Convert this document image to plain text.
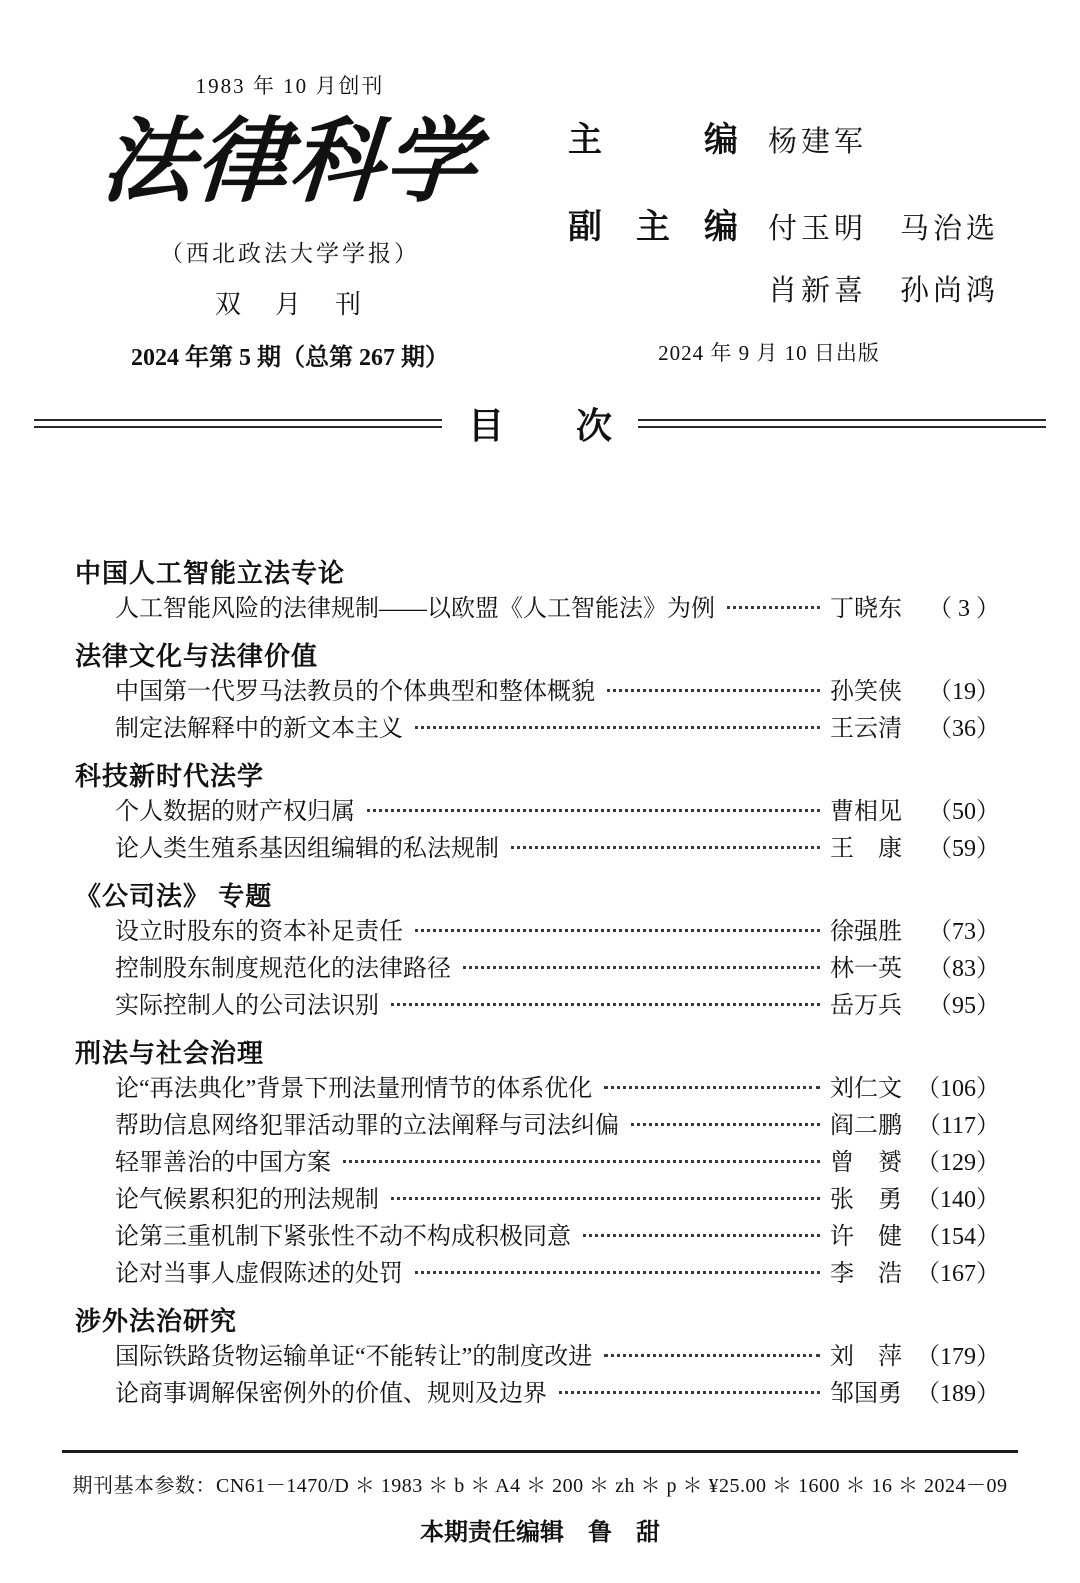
1983 年 10 月创刊
法律科学
（西北政法大学学报）
双　月　刊
2024 年第 5 期（总第 267 期）
主　　　编 杨建军
副　主　编 付玉明　马治选
肖新喜　孙尚鸿
2024 年 9 月 10 日出版
目　　次
中国人工智能立法专论
人工智能风险的法律规制——以欧盟《人工智能法》为例	丁晓东	（ 3 ）
法律文化与法律价值
中国第一代罗马法教员的个体典型和整体概貌	孙笑侠	（19）
制定法解释中的新文本主义	王云清	（36）
科技新时代法学
个人数据的财产权归属	曹相见	（50）
论人类生殖系基因组编辑的私法规制	王　康	（59）
《公司法》 专题
设立时股东的资本补足责任	徐强胜	（73）
控制股东制度规范化的法律路径	林一英	（83）
实际控制人的公司法识别	岳万兵	（95）
刑法与社会治理
论“再法典化”背景下刑法量刑情节的体系优化	刘仁文 （106）
帮助信息网络犯罪活动罪的立法阐释与司法纠偏	阎二鹏 （117）
轻罪善治的中国方案	曾　赟 （129）
论气候累积犯的刑法规制	张　勇 （140）
论第三重机制下紧张性不动不构成积极同意	许　健 （154）
论对当事人虚假陈述的处罚	李　浩 （167）
涉外法治研究
国际铁路货物运输单证“不能转让”的制度改进	刘　萍 （179）
论商事调解保密例外的价值、规则及边界	邹国勇 （189）
期刊基本参数：CN61－1470/D ＊ 1983 ＊ b ＊ A4 ＊ 200 ＊ zh ＊ p ＊ ¥25.00 ＊ 1600 ＊ 16 ＊ 2024－09
本期责任编辑　鲁　甜
